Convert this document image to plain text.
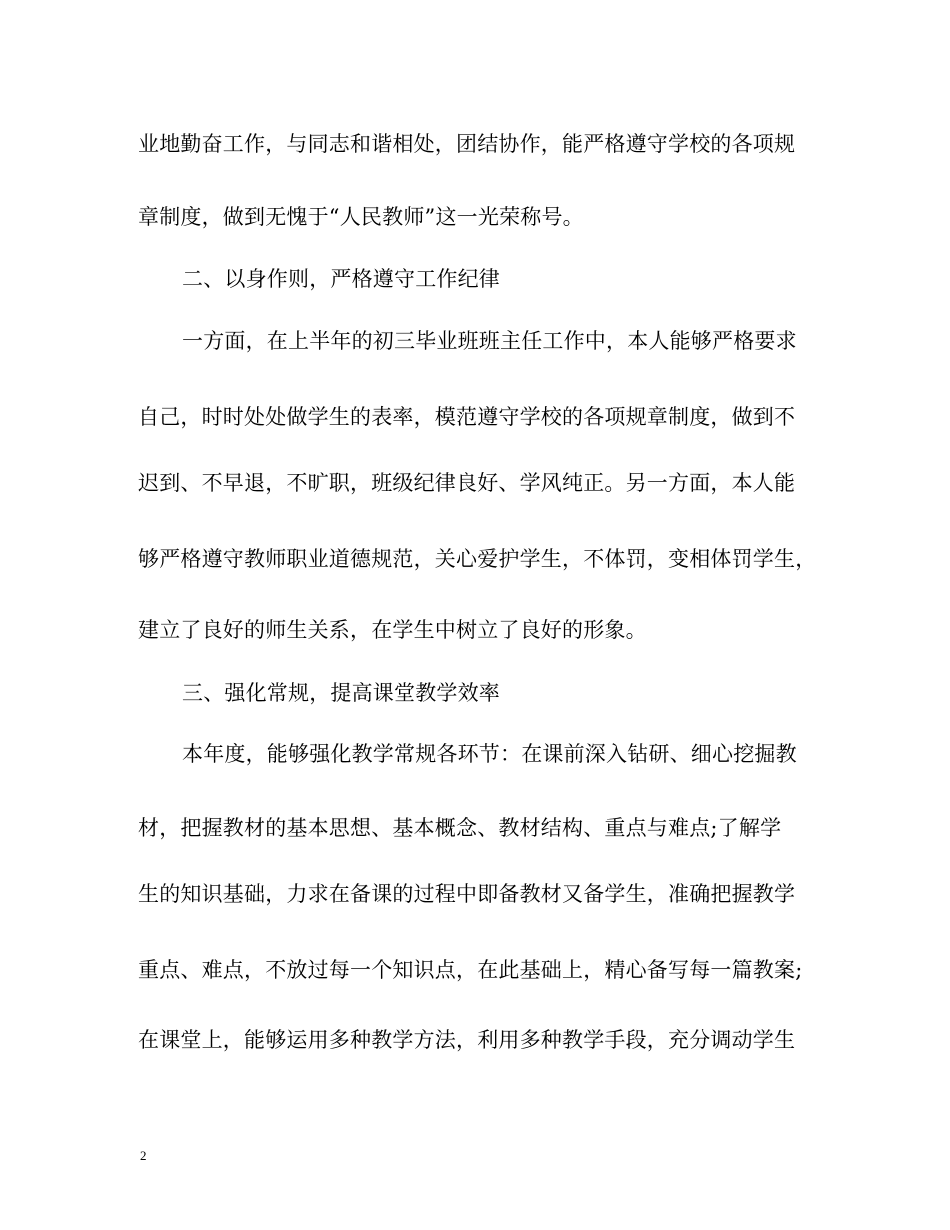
业地勤奋工作，与同志和谐相处，团结协作，能严格遵守学校的各项规
章制度，做到无愧于“人民教师”这一光荣称号。
二、以身作则，严格遵守工作纪律
一方面，在上半年的初三毕业班班主任工作中，本人能够严格要求
自己，时时处处做学生的表率，模范遵守学校的各项规章制度，做到不
迟到、不早退，不旷职，班级纪律良好、学风纯正。另一方面，本人能
够严格遵守教师职业道德规范，关心爱护学生，不体罚，变相体罚学生，
建立了良好的师生关系，在学生中树立了良好的形象。
三、强化常规，提高课堂教学效率
本年度，能够强化教学常规各环节：在课前深入钻研、细心挖掘教
材，把握教材的基本思想、基本概念、教材结构、重点与难点;了解学
生的知识基础，力求在备课的过程中即备教材又备学生，准确把握教学
重点、难点，不放过每一个知识点，在此基础上，精心备写每一篇教案;
在课堂上，能够运用多种教学方法，利用多种教学手段，充分调动学生
2
